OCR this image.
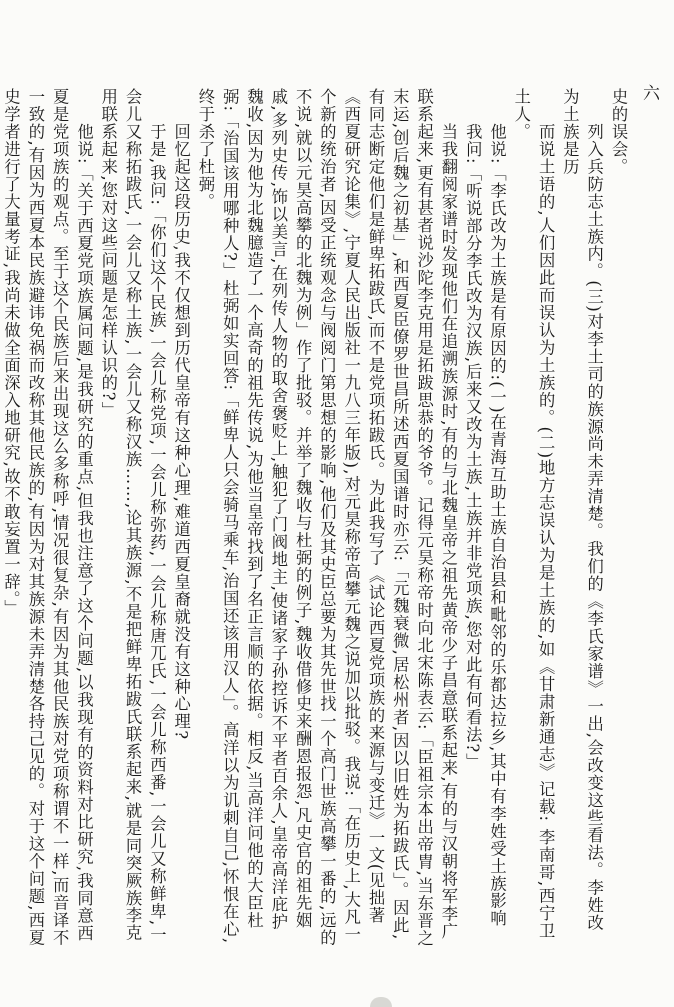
六

史的误会。

　　列入兵防志土族内。(三)对李土司的族源尚未弄清楚。我们的《李氏家谱》一出,会改变这些看法。李姓改为土族是历

　　而说土语的,人们因此而误认为土族的。(二)地方志误认为是土族的,如《甘肃新通志》记载: 李南哥,西宁卫土人。

　　他说:「李氏改为土族是有原因的:(一)在青海互助土族自治县和毗邻的乐都达拉乡,其中有李姓受土族影响

　　我问:「听说部分李氏改为汉族,后来又改为土族,土族并非党项族,您对此有何看法?」

　　当我翻阅家谱时发现他们在追溯族源时,有的与北魏皇帝之祖先黄帝少子昌意联系起来,有的与汉朝将军李广联系起来,更有甚者说沙陀李克用是拓跋思恭的爷爷。记得元昊称帝时向北宋陈表云:「臣祖宗本出帝胄,当东晋之末运,创后魏之初基」,和西夏臣僚罗世昌所述西夏国谱时亦云:「元魏衰微,居松州者,因以旧姓为拓跋氏」。因此,有同志断定他们是鲜卑拓跋氏,而不是党项拓跋氏。为此我写了《试论西夏党项族的来源与变迁》一文(见拙著《西夏研究论集》,宁夏人民出版社一九八三年版),对元昊称帝高攀元魏之说加以批驳。我说:「在历史上,大凡一个新的统治者,因受正统观念与阀阅门第思想的影响,他们及其史臣总要为其先世找一个高门世族高攀一番的,远的不说,就以元昊高攀的北魏为例」作了批驳。并举了魏收与杜弼的例子,魏收借修史来酬恩报怨,凡史官的祖先姻戚,多列史传,饰以美言,在列传人物的取舍褒贬上,触犯了门阀地主,使诸家子孙控诉不平者百余人,皇帝高洋庇护魏收,因为他为北魏臆造了一个高奇的祖先传说,为他当皇帝找到了名正言顺的依据。相反,当高洋问他的大臣杜弼:「治国该用哪种人?」杜弼如实回答:「鲜卑人只会骑马乘车,治国还该用汉人」。高洋以为讥刺自己,怀恨在心,终于杀了杜弼。

　　回忆起这段历史,我不仅想到历代皇帝有这种心理,难道西夏皇裔就没有这种心理?

　　于是,我问:「你们这个民族,一会儿称党项,一会儿称弥药,一会儿称唐兀氏,一会儿称西番,一会儿又称鲜卑,一会儿又称拓跋氏,一会儿又称土族,一会儿又称汉族……,论其族源,不是把鲜卑拓跋氏联系起来,就是同突厥族李克用联系起来,您对这些问题是怎样认识的?」

　　他说:「关于西夏党项族属问题,是我研究的重点,但我也注意了这个问题,以我现有的资料对比研究,我同意西夏是党项族的观点。至于这个民族后来出现这么多称呼,情况很复杂,有因为其他民族对党项称谓不一样,而音译不一致的,有因为西夏本民族避讳免祸而改称其他民族的,有因为对其族源未弄清楚各持己见的。对于这个问题,西夏史学者进行了大量考证,我尚未做全面深入地研究,故不敢妄置一辞。」
